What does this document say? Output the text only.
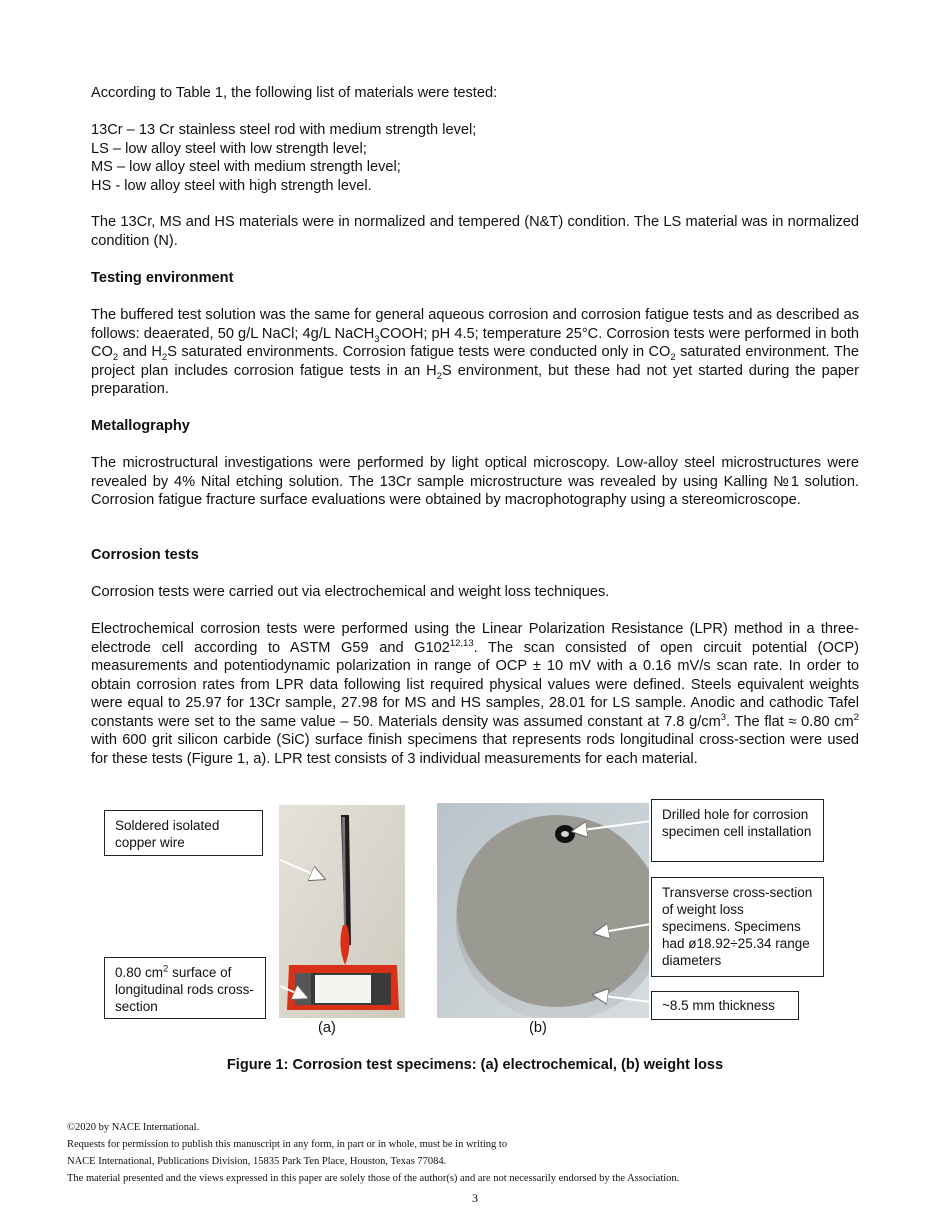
According to Table 1, the following list of materials were tested:
13Cr – 13 Cr stainless steel rod with medium strength level;
LS – low alloy steel with low strength level;
MS – low alloy steel with medium strength level;
HS - low alloy steel with high strength level.
The 13Cr, MS and HS materials were in normalized and tempered (N&T) condition. The LS material was in normalized condition (N).
Testing environment
The buffered test solution was the same for general aqueous corrosion and corrosion fatigue tests and as described as follows: deaerated, 50 g/L NaCl; 4g/L NaCH$_3$COOH; pH 4.5; temperature 25°C. Corrosion tests were performed in both $CO_2$ and $H_2S$ saturated environments. Corrosion fatigue tests were conducted only in $CO_2$ saturated environment. The project plan includes corrosion fatigue tests in an $H_2S$ environment, but these had not yet started during the paper preparation.
Metallography
The microstructural investigations were performed by light optical microscopy. Low-alloy steel microstructures were revealed by 4% Nital etching solution. The 13Cr sample microstructure was revealed by using Kalling №1 solution. Corrosion fatigue fracture surface evaluations were obtained by macrophotography using a stereomicroscope.
Corrosion tests
Corrosion tests were carried out via electrochemical and weight loss techniques.
Electrochemical corrosion tests were performed using the Linear Polarization Resistance (LPR) method in a three-electrode cell according to ASTM G59 and G102$^{12,13}$. The scan consisted of open circuit potential (OCP) measurements and potentiodynamic polarization in range of OCP ± 10 mV with a 0.16 mV/s scan rate. In order to obtain corrosion rates from LPR data following list required physical values were defined. Steels equivalent weights were equal to 25.97 for 13Cr sample, 27.98 for MS and HS samples, 28.01 for LS sample. Anodic and cathodic Tafel constants were set to the same value – 50. Materials density was assumed constant at 7.8 $g/cm^3$. The flat ≈ 0.80 $cm^2$ with 600 grit silicon carbide (SiC) surface finish specimens that represents rods longitudinal cross-section were used for these tests (Figure 1, a). LPR test consists of 3 individual measurements for each material.
Soldered isolated copper wire
0.80 $cm^2$ surface of longitudinal rods cross-section
Drilled hole for corrosion specimen cell installation
Transverse cross-section of weight loss specimens. Specimens had ø18.92÷25.34 range diameters
~8.5 mm thickness
(a)	(b)
Figure 1: Corrosion test specimens: (a) electrochemical, (b) weight loss
©2020 by NACE International.
Requests for permission to publish this manuscript in any form, in part or in whole, must be in writing to
NACE International, Publications Division, 15835 Park Ten Place, Houston, Texas 77084.
The material presented and the views expressed in this paper are solely those of the author(s) and are not necessarily endorsed by the Association.
3
